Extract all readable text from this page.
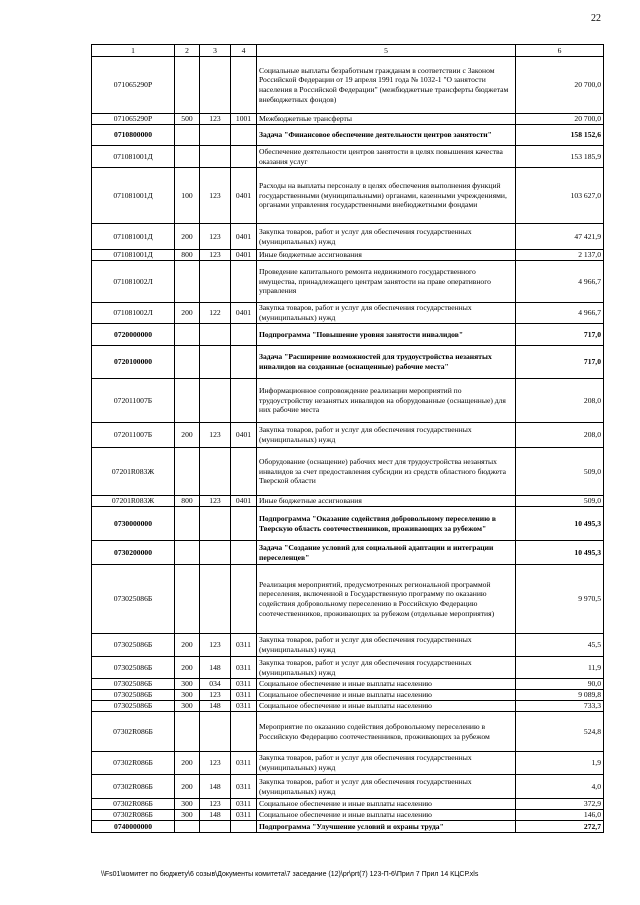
22
1	2	3	4	5	6
071065290Р				Социальные выплаты безработным гражданам в соответствии с Законом Российской Федерации от 19 апреля 1991 года № 1032-1 "О занятости населения в Российской Федерации" (межбюджетные трансферты бюджетам внебюджетных фондов)	20 700,0
071065290Р	500	123	1001	Межбюджетные трансферты	20 700,0
0710800000				Задача "Финансовое обеспечение деятельности центров занятости"	158 152,6
071081001Д				Обеспечение деятельности центров занятости в целях повышения качества оказания услуг	153 185,9
071081001Д	100	123	0401	Расходы на выплаты персоналу в целях обеспечения выполнения функций государственными (муниципальными) органами, казенными учреждениями, органами управления государственными внебюджетными фондами	103 627,0
071081001Д	200	123	0401	Закупка товаров, работ и услуг для обеспечения государственных (муниципальных) нужд	47 421,9
071081001Д	800	123	0401	Иные бюджетные ассигнования	2 137,0
071081002Л				Проведение капитального ремонта недвижимого государственного имущества, принадлежащего центрам занятости на праве оперативного управления	4 966,7
071081002Л	200	122	0401	Закупка товаров, работ и услуг для обеспечения государственных (муниципальных) нужд	4 966,7
0720000000				Подпрограмма "Повышение уровня занятости инвалидов"	717,0
0720100000				Задача "Расширение возможностей для трудоустройства незанятых инвалидов на созданные (оснащенные) рабочие места"	717,0
072011007Б				Информационное сопровождение реализации мероприятий по трудоустройству незанятых инвалидов на оборудованные (оснащенные) для них рабочие места	208,0
072011007Б	200	123	0401	Закупка товаров, работ и услуг для обеспечения государственных (муниципальных) нужд	208,0
07201R083Ж				Оборудование (оснащение) рабочих мест для трудоустройства незанятых инвалидов за счет предоставления субсидии из средств областного бюджета Тверской области	509,0
07201R083Ж	800	123	0401	Иные бюджетные ассигнования	509,0
0730000000				Подпрограмма "Оказание содействия добровольному переселению в Тверскую область соотечественников, проживающих за рубежом"	10 495,3
0730200000				Задача "Создание условий для социальной адаптации и интеграции переселенцев"	10 495,3
073025086Б				Реализация мероприятий, предусмотренных региональной программой переселения, включенной в Государственную программу по оказанию содействия добровольному переселению в Российскую Федерацию соотечественников, проживающих за рубежом (отдельные мероприятия)	9 970,5
073025086Б	200	123	0311	Закупка товаров, работ и услуг для обеспечения государственных (муниципальных) нужд	45,5
073025086Б	200	148	0311	Закупка товаров, работ и услуг для обеспечения государственных (муниципальных) нужд	11,9
073025086Б	300	034	0311	Социальное обеспечение и иные выплаты населению	90,0
073025086Б	300	123	0311	Социальное обеспечение и иные выплаты населению	9 089,8
073025086Б	300	148	0311	Социальное обеспечение и иные выплаты населению	733,3
07302R086Б				Мероприятие по оказанию содействия добровольному переселению в Российскую Федерацию соотечественников, проживающих за рубежом	524,8
07302R086Б	200	123	0311	Закупка товаров, работ и услуг для обеспечения государственных (муниципальных) нужд	1,9
07302R086Б	200	148	0311	Закупка товаров, работ и услуг для обеспечения государственных (муниципальных) нужд	4,0
07302R086Б	300	123	0311	Социальное обеспечение и иные выплаты населению	372,9
07302R086Б	300	148	0311	Социальное обеспечение и иные выплаты населению	146,0
0740000000				Подпрограмма "Улучшение условий и охраны труда"	272,7
\\Fs01\комитет по бюджету\6 созыв\Документы комитета\7 заседание (12)\pr\prt(7) 123-П-6\Прил 7 Прил 14 КЦСР.xls
